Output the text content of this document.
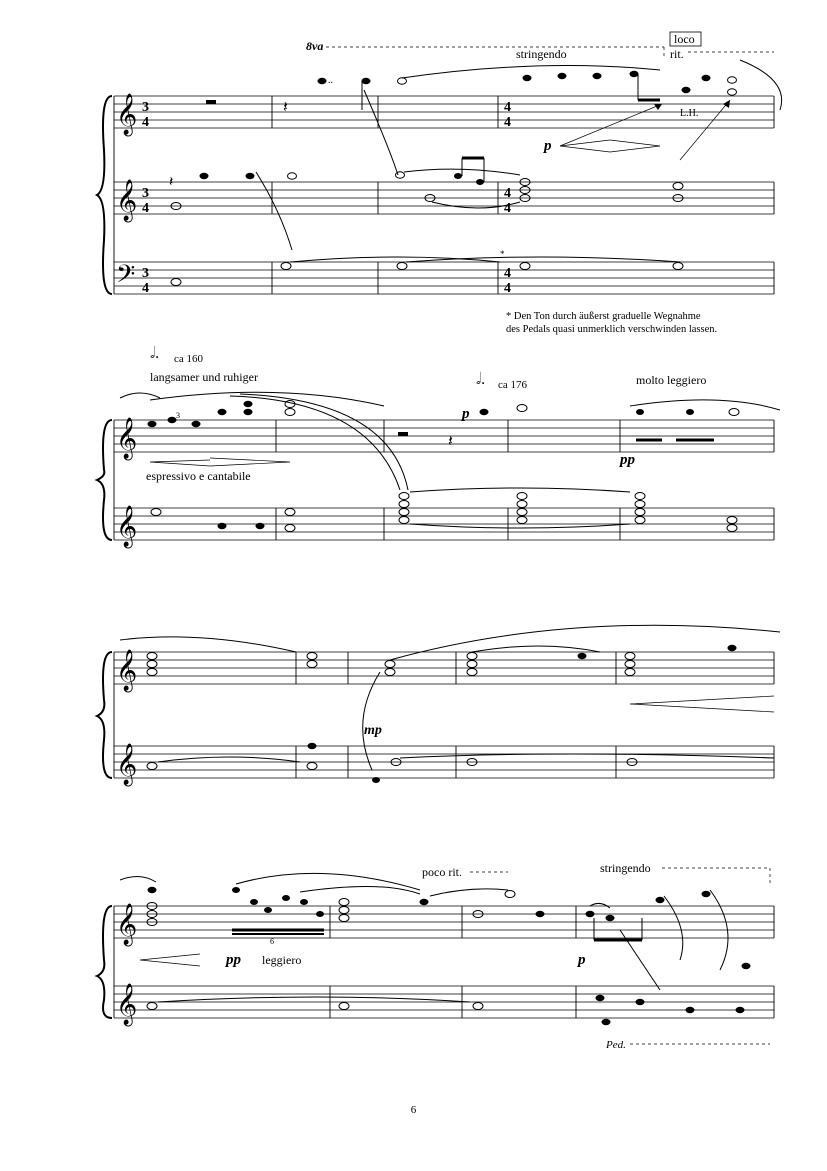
𝄞
𝄞
𝄢
3
4
3
4
3
4
4
4
4
4
4
4
8va
stringendo
loco
rit.
𝄽
𝄽
..
L.H.
*
p
𝄞
𝄞
𝅗𝅥. ca 160
langsamer und ruhiger	𝅗𝅥. ca 176	molto leggiero
3
𝄽
espressivo e cantabile
p
pp
𝄞
𝄞
mp
𝄞
𝄞
poco rit.	stringendo
pp leggiero
6
p
Ped.
* Den Ton durch äußerst graduelle Wegnahme
des Pedals quasi unmerklich verschwinden lassen.
6
